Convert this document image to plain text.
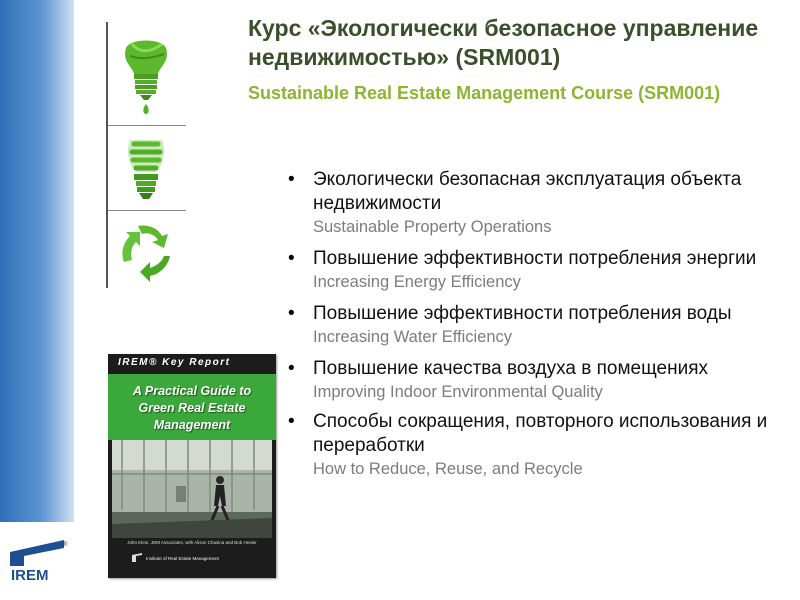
Курс «Экологически безопасное управление недвижимостью» (SRM001)
Sustainable Real Estate Management Course (SRM001)
• Экологически безопасная эксплуатация объекта недвижимости
Sustainable Property Operations
• Повышение эффективности потребления энергии
Increasing Energy Efficiency
• Повышение эффективности потребления воды
Increasing Water Efficiency
• Повышение качества воздуха в помещениях
Improving Indoor Environmental Quality
• Способы сокращения, повторного использования и переработки
How to Reduce, Reuse, and Recycle
IREM® Key Report
A Practical Guide to Green Real Estate Management
John Klein, JDM Associates, with Alison Chasina and Bob Hester
Institute of Real Estate Management
IREM
®
